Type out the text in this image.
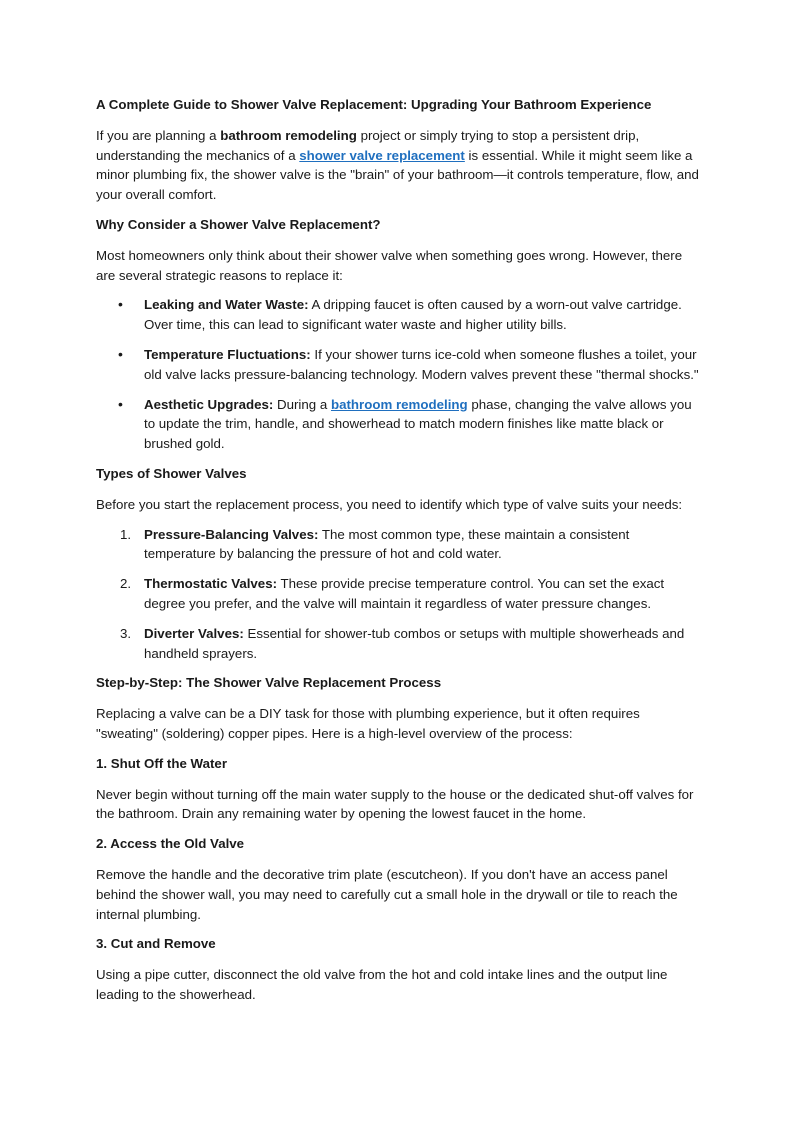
A Complete Guide to Shower Valve Replacement: Upgrading Your Bathroom Experience

If you are planning a bathroom remodeling project or simply trying to stop a persistent drip, understanding the mechanics of a shower valve replacement is essential. While it might seem like a minor plumbing fix, the shower valve is the "brain" of your bathroom—it controls temperature, flow, and your overall comfort.

Why Consider a Shower Valve Replacement?

Most homeowners only think about their shower valve when something goes wrong. However, there are several strategic reasons to replace it:

• Leaking and Water Waste: A dripping faucet is often caused by a worn-out valve cartridge. Over time, this can lead to significant water waste and higher utility bills.
• Temperature Fluctuations: If your shower turns ice-cold when someone flushes a toilet, your old valve lacks pressure-balancing technology. Modern valves prevent these "thermal shocks."
• Aesthetic Upgrades: During a bathroom remodeling phase, changing the valve allows you to update the trim, handle, and showerhead to match modern finishes like matte black or brushed gold.
Types of Shower Valves

Before you start the replacement process, you need to identify which type of valve suits your needs:

1. Pressure-Balancing Valves: The most common type, these maintain a consistent temperature by balancing the pressure of hot and cold water.
2. Thermostatic Valves: These provide precise temperature control. You can set the exact degree you prefer, and the valve will maintain it regardless of water pressure changes.
3. Diverter Valves: Essential for shower-tub combos or setups with multiple showerheads and handheld sprayers.
Step-by-Step: The Shower Valve Replacement Process

Replacing a valve can be a DIY task for those with plumbing experience, but it often requires "sweating" (soldering) copper pipes. Here is a high-level overview of the process:

1. Shut Off the Water

Never begin without turning off the main water supply to the house or the dedicated shut-off valves for the bathroom. Drain any remaining water by opening the lowest faucet in the home.

2. Access the Old Valve

Remove the handle and the decorative trim plate (escutcheon). If you don't have an access panel behind the shower wall, you may need to carefully cut a small hole in the drywall or tile to reach the internal plumbing.

3. Cut and Remove

Using a pipe cutter, disconnect the old valve from the hot and cold intake lines and the output line leading to the showerhead.
